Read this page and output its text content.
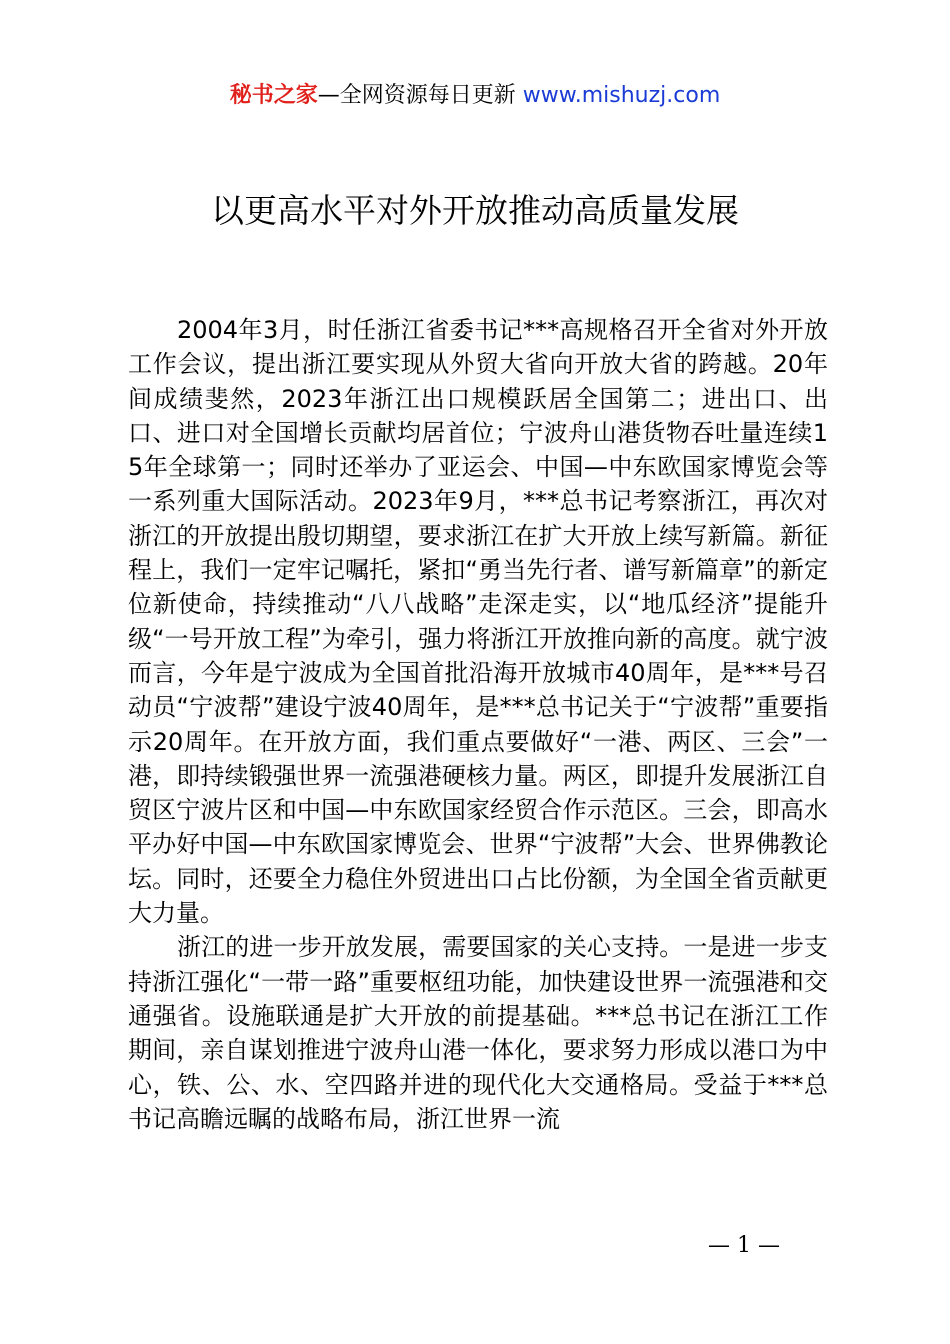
秘书之家—全网资源每日更新 www.mishuzj.com
以更高水平对外开放推动高质量发展

2004年3月，时任浙江省委书记***高规格召开全省对外开放工作会议，提出浙江要实现从外贸大省向开放大省的跨越。20年间成绩斐然，2023年浙江出口规模跃居全国第二；进出口、出口、进口对全国增长贡献均居首位；宁波舟山港货物吞吐量连续15年全球第一；同时还举办了亚运会、中国—中东欧国家博览会等一系列重大国际活动。2023年9月，***总书记考察浙江，再次对浙江的开放提出殷切期望，要求浙江在扩大开放上续写新篇。新征程上，我们一定牢记嘱托，紧扣“勇当先行者、谱写新篇章”的新定位新使命，持续推动“八八战略”走深走实，以“地瓜经济”提能升级“一号开放工程”为牵引，强力将浙江开放推向新的高度。就宁波而言，今年是宁波成为全国首批沿海开放城市40周年，是***号召动员“宁波帮”建设宁波40周年，是***总书记关于“宁波帮”重要指示20周年。在开放方面，我们重点要做好“一港、两区、三会”一港，即持续锻强世界一流强港硬核力量。两区，即提升发展浙江自贸区宁波片区和中国—中东欧国家经贸合作示范区。三会，即高水平办好中国—中东欧国家博览会、世界“宁波帮”大会、世界佛教论坛。同时，还要全力稳住外贸进出口占比份额，为全国全省贡献更大力量。

浙江的进一步开放发展，需要国家的关心支持。一是进一步支持浙江强化“一带一路”重要枢纽功能，加快建设世界一流强港和交通强省。设施联通是扩大开放的前提基础。***总书记在浙江工作期间，亲自谋划推进宁波舟山港一体化，要求努力形成以港口为中心，铁、公、水、空四路并进的现代化大交通格局。受益于***总书记高瞻远瞩的战略布局，浙江世界一流

— 1 —
